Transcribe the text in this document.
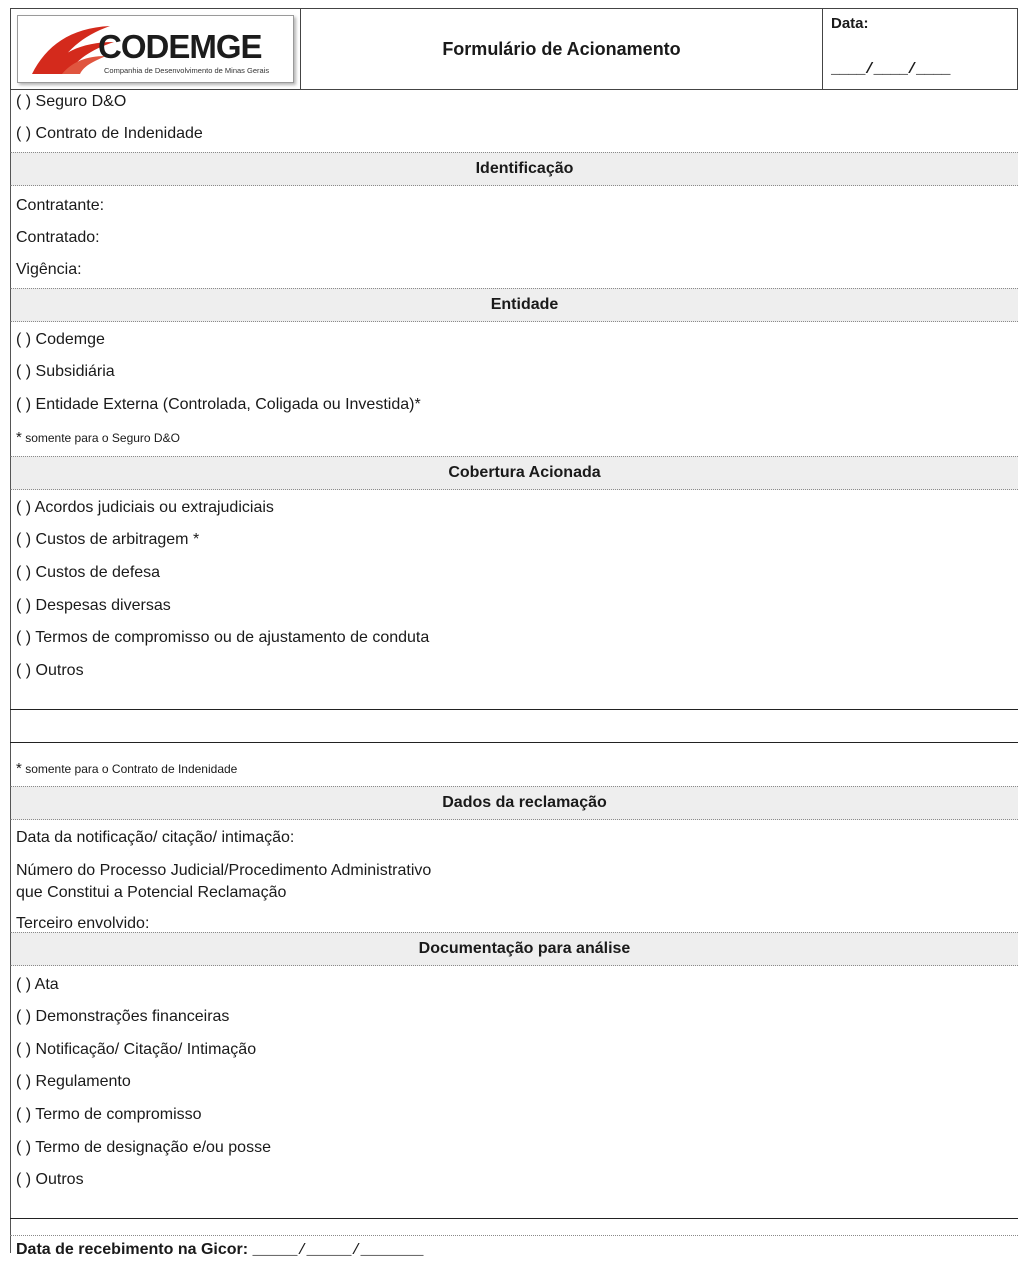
CODEMGE
Companhia de Desenvolvimento de Minas Gerais
Formulário de Acionamento
Data:
____/____/____
( ) Seguro D&O
( ) Contrato de Indenidade
Identificação
Contratante:
Contratado:
Vigência:
Entidade
( ) Codemge
( ) Subsidiária
( ) Entidade Externa (Controlada, Coligada ou Investida)*
* somente para o Seguro D&O
Cobertura Acionada
( ) Acordos judiciais ou extrajudiciais
( ) Custos de arbitragem *
( ) Custos de defesa
( ) Despesas diversas
( ) Termos de compromisso ou de ajustamento de conduta
( ) Outros
* somente para o Contrato de Indenidade
Dados da reclamação
Data da notificação/ citação/ intimação:
Número do Processo Judicial/Procedimento Administrativo
que Constitui a Potencial Reclamação
Terceiro envolvido:
Documentação para análise
( ) Ata
( ) Demonstrações financeiras
( ) Notificação/ Citação/ Intimação
( ) Regulamento
( ) Termo de compromisso
( ) Termo de designação e/ou posse
( ) Outros
Data de recebimento na Gicor: _____/_____/_______
